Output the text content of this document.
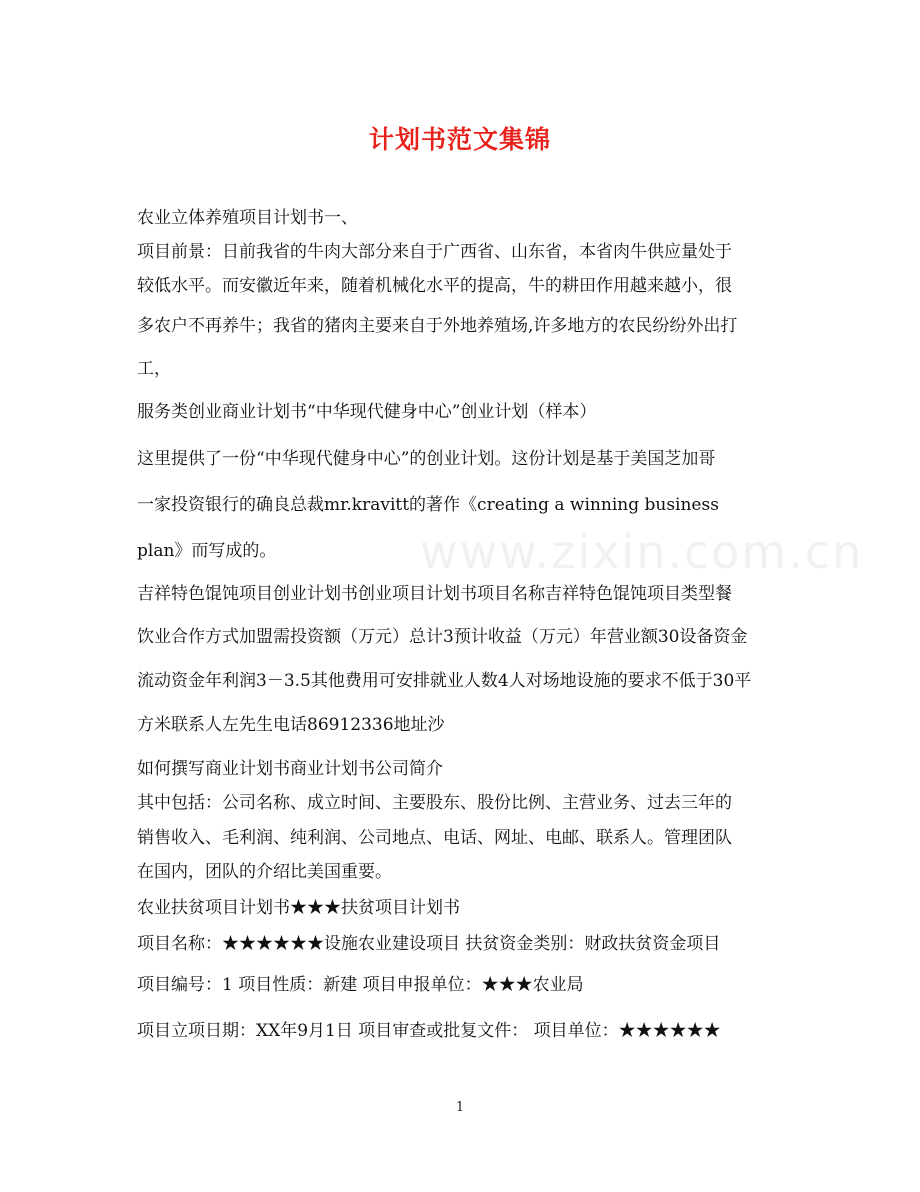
www.zixin.com.cn
计划书范文集锦
农业立体养殖项目计划书一、
项目前景：日前我省的牛肉大部分来自于广西省、山东省，本省肉牛供应量处于
较低水平。而安徽近年来，随着机械化水平的提高，牛的耕田作用越来越小，很
多农户不再养牛；我省的猪肉主要来自于外地养殖场,许多地方的农民纷纷外出打
工，
服务类创业商业计划书“中华现代健身中心”创业计划（样本）
这里提供了一份“中华现代健身中心”的创业计划。这份计划是基于美国芝加哥
一家投资银行的确良总裁mr.kravitt的著作《creating a winning business
plan》而写成的。
吉祥特色馄饨项目创业计划书创业项目计划书项目名称吉祥特色馄饨项目类型餐
饮业合作方式加盟需投资额（万元）总计3预计收益（万元）年营业额30设备资金
流动资金年利润3－3.5其他费用可安排就业人数4人对场地设施的要求不低于30平
方米联系人左先生电话86912336地址沙
如何撰写商业计划书商业计划书公司简介
其中包括：公司名称、成立时间、主要股东、股份比例、主营业务、过去三年的
销售收入、毛利润、纯利润、公司地点、电话、网址、电邮、联系人。管理团队
在国内，团队的介绍比美国重要。
农业扶贫项目计划书★★★扶贫项目计划书
项目名称：★★★★★★设施农业建设项目 扶贫资金类别：财政扶贫资金项目
项目编号：1 项目性质：新建 项目申报单位：★★★农业局
项目立项日期：XX年9月1日 项目审查或批复文件： 项目单位：★★★★★★
1
